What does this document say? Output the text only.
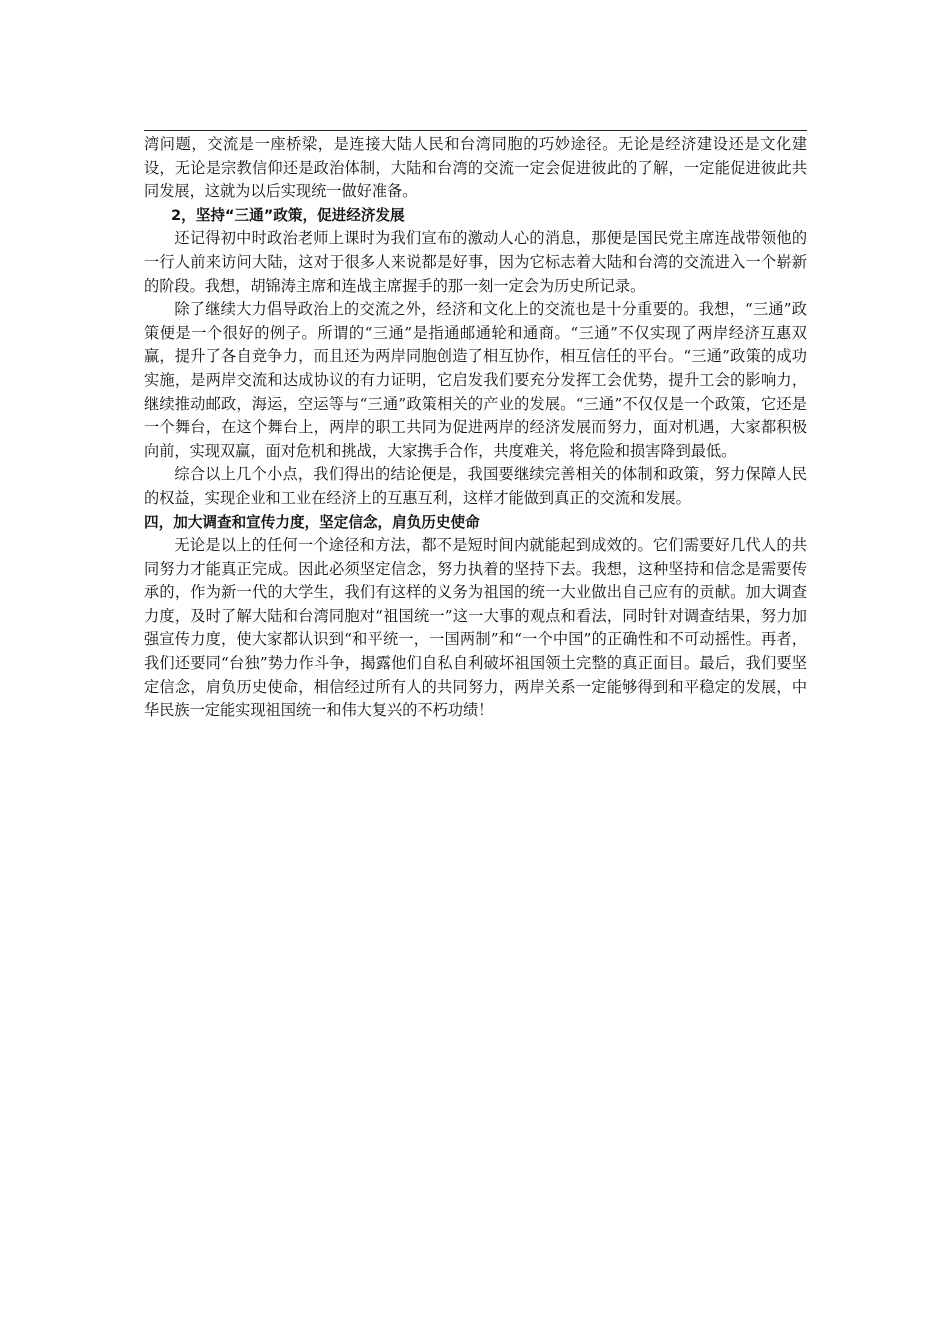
湾问题，交流是一座桥梁，是连接大陆人民和台湾同胞的巧妙途径。无论是经济建设还是文化建设，无论是宗教信仰还是政治体制，大陆和台湾的交流一定会促进彼此的了解，一定能促进彼此共同发展，这就为以后实现统一做好准备。

2，坚持“三通”政策，促进经济发展

还记得初中时政治老师上课时为我们宣布的激动人心的消息，那便是国民党主席连战带领他的一行人前来访问大陆，这对于很多人来说都是好事，因为它标志着大陆和台湾的交流进入一个崭新的阶段。我想，胡锦涛主席和连战主席握手的那一刻一定会为历史所记录。

除了继续大力倡导政治上的交流之外，经济和文化上的交流也是十分重要的。我想，“三通”政策便是一个很好的例子。所谓的“三通”是指通邮通轮和通商。“三通”不仅实现了两岸经济互惠双赢，提升了各自竞争力，而且还为两岸同胞创造了相互协作，相互信任的平台。“三通”政策的成功实施，是两岸交流和达成协议的有力证明，它启发我们要充分发挥工会优势，提升工会的影响力，继续推动邮政，海运，空运等与“三通”政策相关的产业的发展。“三通”不仅仅是一个政策，它还是一个舞台，在这个舞台上，两岸的职工共同为促进两岸的经济发展而努力，面对机遇，大家都积极向前，实现双赢，面对危机和挑战，大家携手合作，共度难关，将危险和损害降到最低。

综合以上几个小点，我们得出的结论便是，我国要继续完善相关的体制和政策，努力保障人民的权益，实现企业和工业在经济上的互惠互利，这样才能做到真正的交流和发展。

四，加大调查和宣传力度，坚定信念，肩负历史使命

无论是以上的任何一个途径和方法，都不是短时间内就能起到成效的。它们需要好几代人的共同努力才能真正完成。因此必须坚定信念，努力执着的坚持下去。我想，这种坚持和信念是需要传承的，作为新一代的大学生，我们有这样的义务为祖国的统一大业做出自己应有的贡献。加大调查力度，及时了解大陆和台湾同胞对“祖国统一”这一大事的观点和看法，同时针对调查结果，努力加强宣传力度，使大家都认识到“和平统一，一国两制”和“一个中国”的正确性和不可动摇性。再者，我们还要同“台独”势力作斗争，揭露他们自私自利破坏祖国领土完整的真正面目。最后，我们要坚定信念，肩负历史使命，相信经过所有人的共同努力，两岸关系一定能够得到和平稳定的发展，中华民族一定能实现祖国统一和伟大复兴的不朽功绩！
